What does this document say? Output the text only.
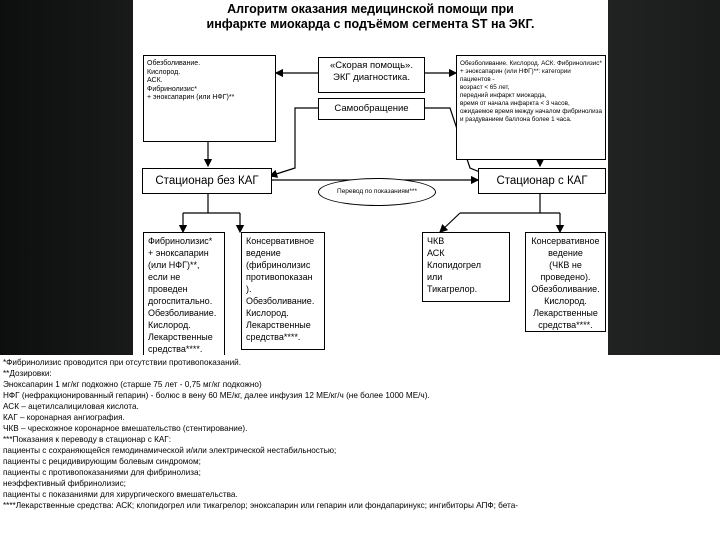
Алгоритм оказания медицинской помощи при
инфаркте миокарда с подъёмом сегмента ST на ЭКГ.
Обезболивание.
Кислород.
АСК.
Фибринолизис*
+ эноксапарин (или НФГ)**
«Скорая помощь».
ЭКГ диагностика.
Самообращение
Обезболивание. Кислород. АСК. Фибринолизис* + эноксапарин (или НФГ)**: категории пациентов -
возраст < 65 лет,
передний инфаркт миокарда,
время от начала инфаркта < 3 часов,
ожидаемое время между началом фибринолиза и раздуванием баллона более 1 часа.
Стационар без КАГ	Стационар с КАГ
Перевод по показаниям***
Фибринолизис*
+ эноксапарин
(или НФГ)**,
если не
проведен
догоспитально.
Обезболивание.
Кислород.
Лекарственные
средства****.
Консервативное
ведение
(фибринолизис
противопоказан
).
Обезболивание.
Кислород.
Лекарственные
средства****.
ЧКВ
АСК
Клопидогрел
или
Тикагрелор.
Консервативное
ведение
(ЧКВ не
проведено).
Обезболивание.
Кислород.
Лекарственные
средства****.
*Фибринолизис проводится при отсутствии противопоказаний.
**Дозировки:
Эноксапарин 1 мг/кг подкожно (старше 75 лет - 0,75 мг/кг подкожно)
НФГ (нефракционированный гепарин) - болюс в вену 60 МЕ/кг, далее инфузия 12 МЕ/кг/ч (не более 1000 МЕ/ч).
АСК – ацетилсалициловая кислота.
КАГ – коронарная ангиография.
ЧКВ – чрескожное коронарное вмешательство (стентирование).
***Показания к переводу в стационар с КАГ:
пациенты с сохраняющейся гемодинамической и/или электрической нестабильностью;
пациенты с рецидивирующим болевым синдромом;
пациенты с противопоказаниями для фибринолиза;
неэффективный фибринолизис;
пациенты с показаниями для хирургического вмешательства.
****Лекарственные средства: АСК; клопидогрел или тикагрелор; эноксапарин или гепарин или фондапаринукс; ингибиторы АПФ; бета-
